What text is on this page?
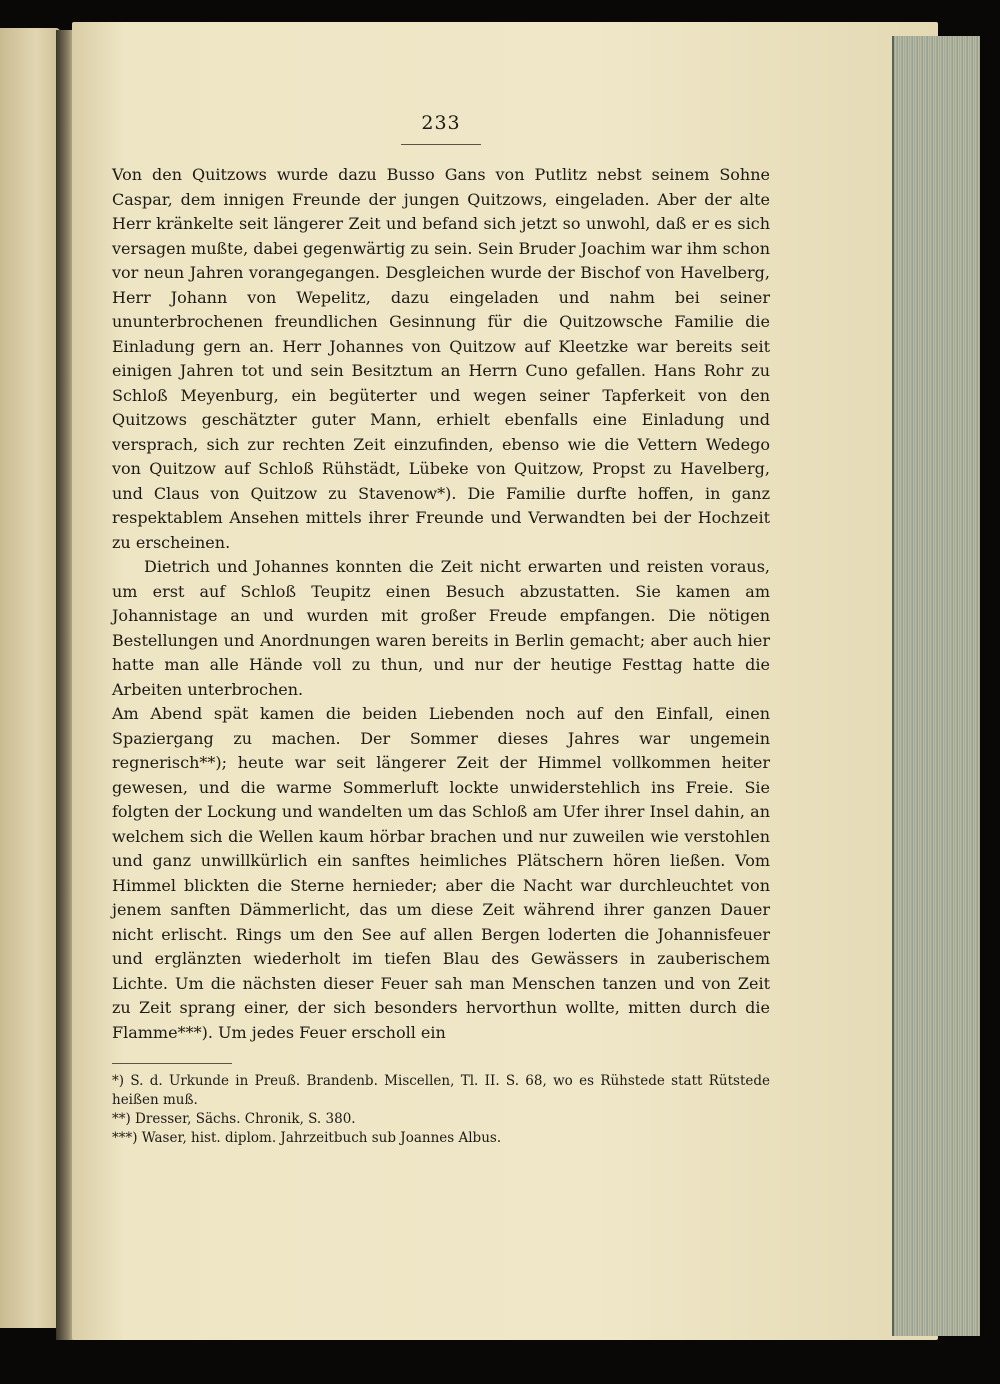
233

Von den Quitzows wurde dazu Busso Gans von Putlitz nebst seinem Sohne Caspar, dem innigen Freunde der jungen Quitzows, eingeladen. Aber der alte Herr kränkelte seit längerer Zeit und befand sich jetzt so unwohl, daß er es sich versagen mußte, dabei gegenwärtig zu sein. Sein Bruder Joachim war ihm schon vor neun Jahren vorangegangen. Desgleichen wurde der Bischof von Havelberg, Herr Johann von Wepelitz, dazu eingeladen und nahm bei seiner ununterbrochenen freundlichen Gesinnung für die Quitzowsche Familie die Einladung gern an. Herr Johannes von Quitzow auf Kleetzke war bereits seit einigen Jahren tot und sein Besitztum an Herrn Cuno gefallen. Hans Rohr zu Schloß Meyenburg, ein begüterter und wegen seiner Tapferkeit von den Quitzows geschätzter guter Mann, erhielt ebenfalls eine Einladung und versprach, sich zur rechten Zeit einzufinden, ebenso wie die Vettern Wedego von Quitzow auf Schloß Rühstädt, Lübeke von Quitzow, Propst zu Havelberg, und Claus von Quitzow zu Stavenow*). Die Familie durfte hoffen, in ganz respektablem Ansehen mittels ihrer Freunde und Verwandten bei der Hochzeit zu erscheinen.

Dietrich und Johannes konnten die Zeit nicht erwarten und reisten voraus, um erst auf Schloß Teupitz einen Besuch abzustatten. Sie kamen am Johannistage an und wurden mit großer Freude empfangen. Die nötigen Bestellungen und Anordnungen waren bereits in Berlin gemacht; aber auch hier hatte man alle Hände voll zu thun, und nur der heutige Festtag hatte die Arbeiten unterbrochen.

Am Abend spät kamen die beiden Liebenden noch auf den Einfall, einen Spaziergang zu machen. Der Sommer dieses Jahres war ungemein regnerisch**); heute war seit längerer Zeit der Himmel vollkommen heiter gewesen, und die warme Sommerluft lockte unwiderstehlich ins Freie. Sie folgten der Lockung und wandelten um das Schloß am Ufer ihrer Insel dahin, an welchem sich die Wellen kaum hörbar brachen und nur zuweilen wie verstohlen und ganz unwillkürlich ein sanftes heimliches Plätschern hören ließen. Vom Himmel blickten die Sterne hernieder; aber die Nacht war durchleuchtet von jenem sanften Dämmerlicht, das um diese Zeit während ihrer ganzen Dauer nicht erlischt. Rings um den See auf allen Bergen loderten die Johannisfeuer und erglänzten wiederholt im tiefen Blau des Gewässers in zauberischem Lichte. Um die nächsten dieser Feuer sah man Menschen tanzen und von Zeit zu Zeit sprang einer, der sich besonders hervorthun wollte, mitten durch die Flamme***). Um jedes Feuer erscholl ein

*) S. d. Urkunde in Preuß. Brandenb. Miscellen, Tl. II. S. 68, wo es Rühstede statt Rütstede heißen muß.

**) Dresser, Sächs. Chronik, S. 380.

***) Waser, hist. diplom. Jahrzeitbuch sub Joannes Albus.
